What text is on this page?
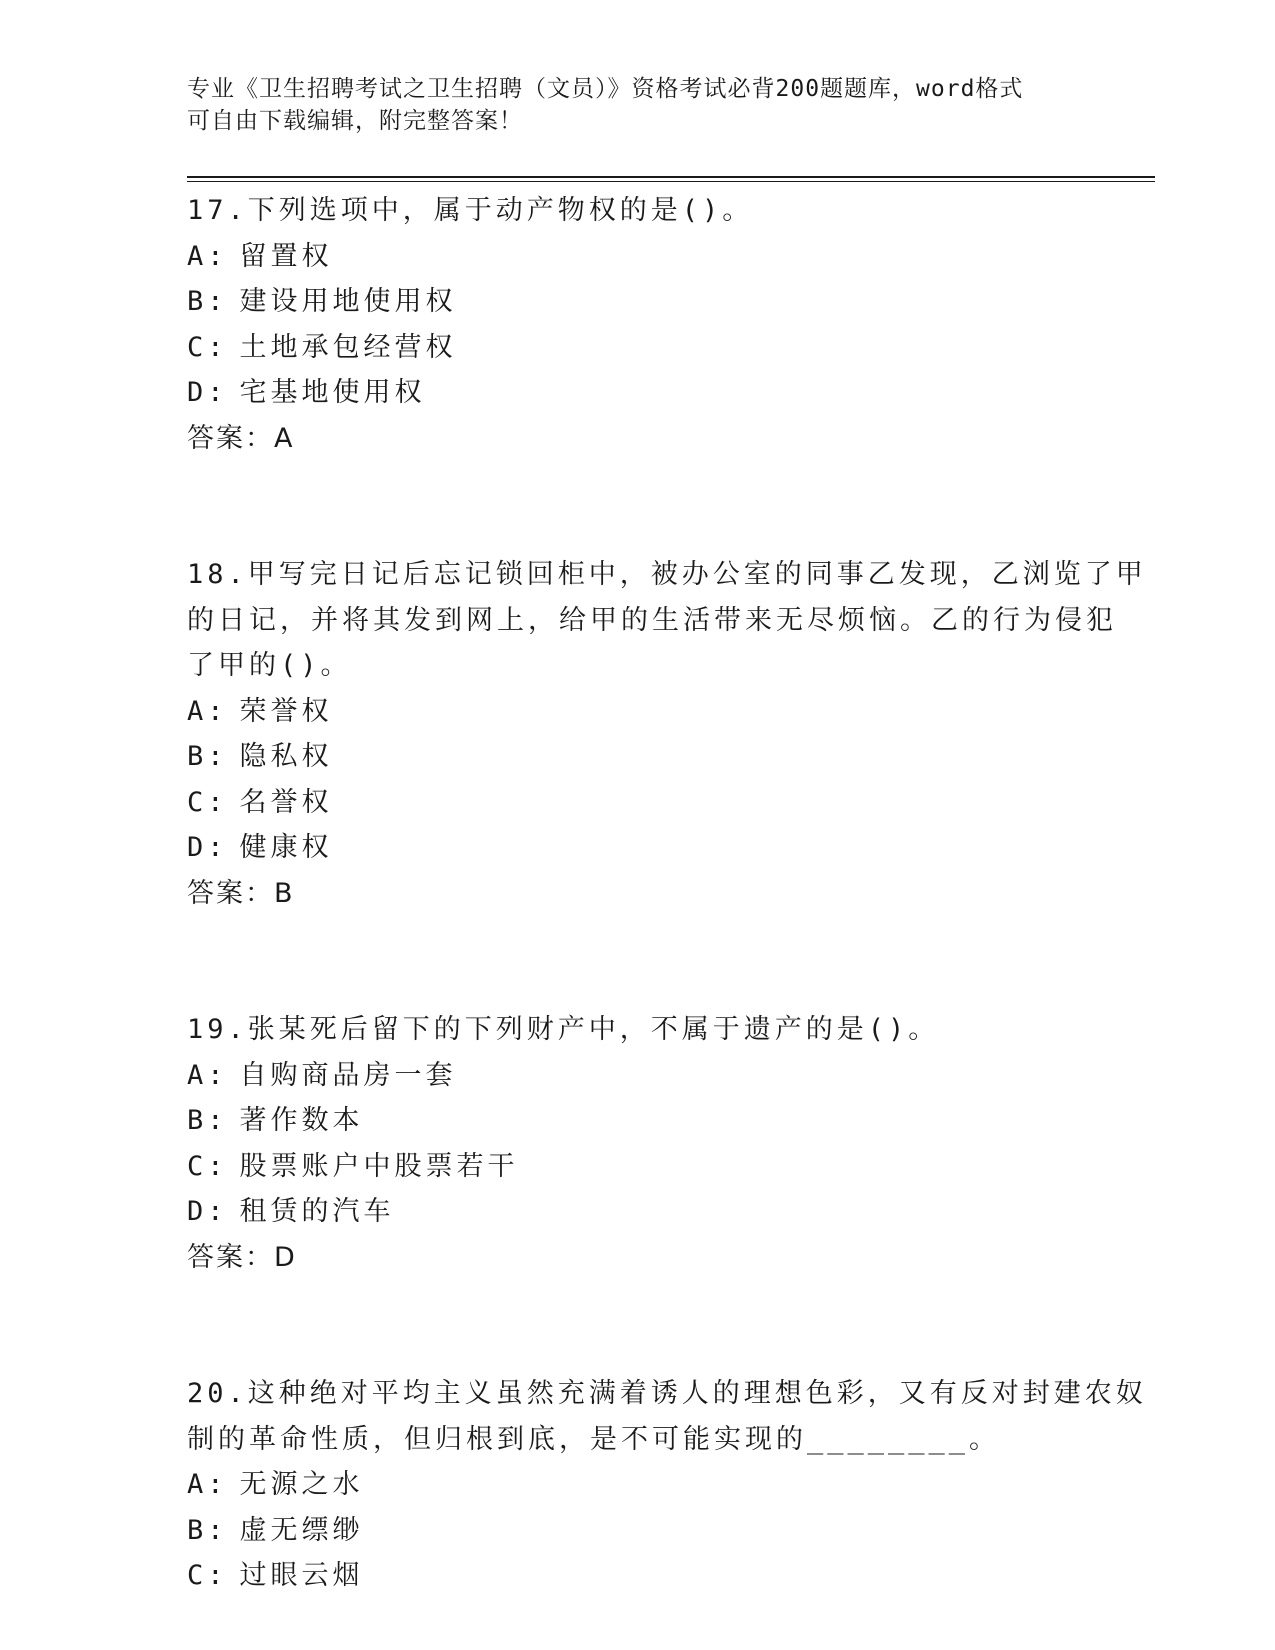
专业《卫生招聘考试之卫生招聘（文员）》资格考试必背200题题库，word格式
可自由下载编辑，附完整答案！
17.下列选项中，属于动产物权的是()。
A: 留置权
B: 建设用地使用权
C: 土地承包经营权
D: 宅基地使用权
答案：A
18.甲写完日记后忘记锁回柜中，被办公室的同事乙发现，乙浏览了甲
的日记，并将其发到网上，给甲的生活带来无尽烦恼。乙的行为侵犯
了甲的()。
A: 荣誉权
B: 隐私权
C: 名誉权
D: 健康权
答案：B
19.张某死后留下的下列财产中，不属于遗产的是()。
A: 自购商品房一套
B: 著作数本
C: 股票账户中股票若干
D: 租赁的汽车
答案：D
20.这种绝对平均主义虽然充满着诱人的理想色彩，又有反对封建农奴
制的革命性质，但归根到底，是不可能实现的________。
A: 无源之水
B: 虚无缥缈
C: 过眼云烟
